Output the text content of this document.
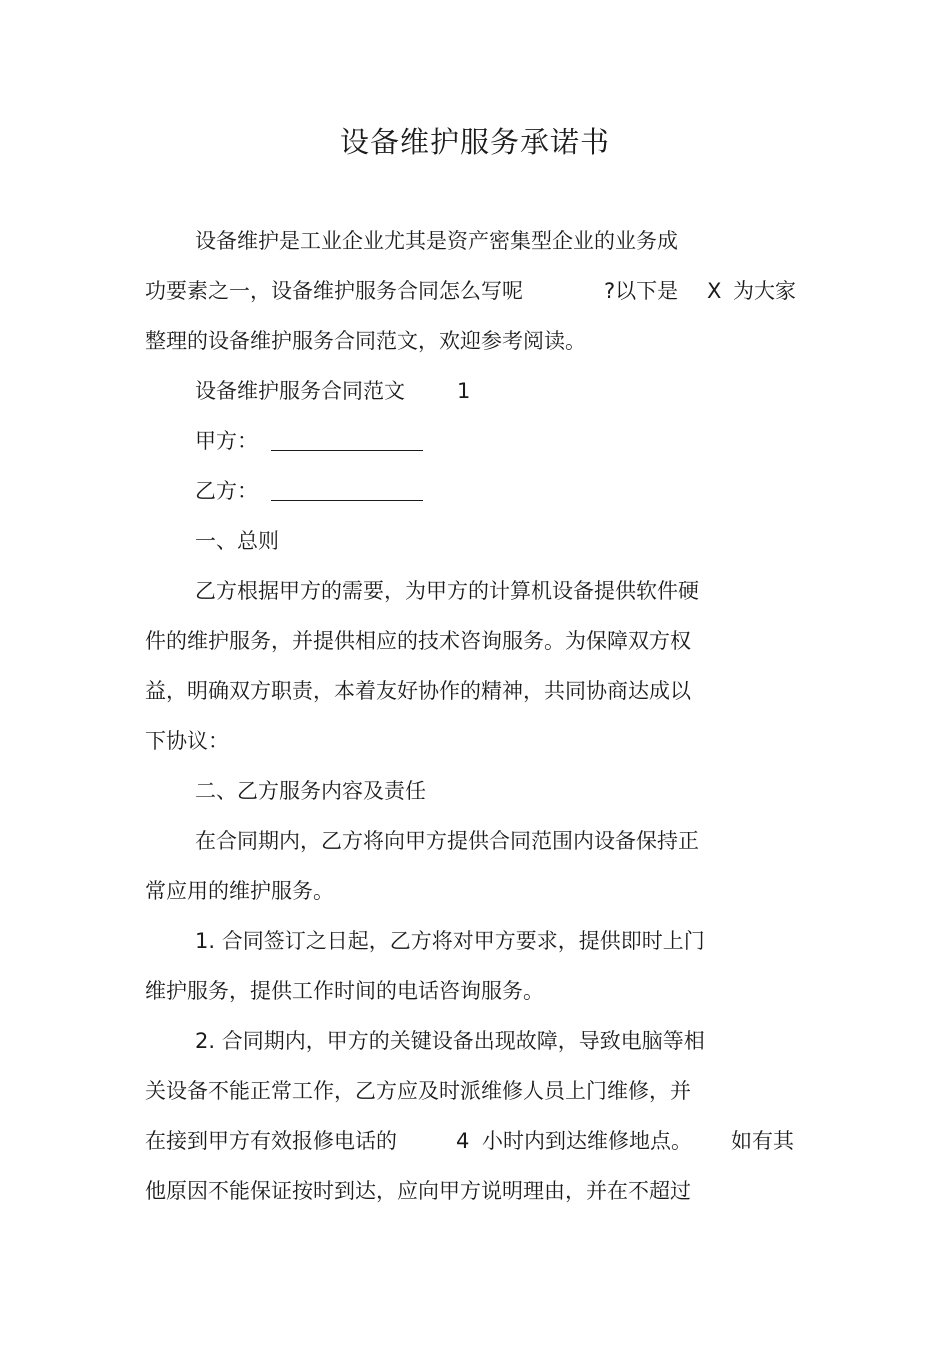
设备维护服务承诺书
设备维护是工业企业尤其是资产密集型企业的业务成

功要素之一，设备维护服务合同怎么写呢

	?以下是

X

为大家

整理的设备维护服务合同范文，欢迎参考阅读。

设备维护服务合同范文

1

甲方：

乙方：

一、总则
乙方根据甲方的需要，为甲方的计算机设备提供软件硬
件的维护服务，并提供相应的技术咨询服务。为保障双方权
益，明确双方职责，本着友好协作的精神，共同协商达成以
下协议：
二、乙方服务内容及责任
在合同期内，乙方将向甲方提供合同范围内设备保持正
常应用的维护服务。
1. 合同签订之日起，乙方将对甲方要求，提供即时上门
维护服务，提供工作时间的电话咨询服务。
2. 合同期内，甲方的关键设备出现故障，导致电脑等相
关设备不能正常工作，乙方应及时派维修人员上门维修，并

在接到甲方有效报修电话的

	4

小时内到达维修地点。

如有其

他原因不能保证按时到达，应向甲方说明理由，并在不超过
